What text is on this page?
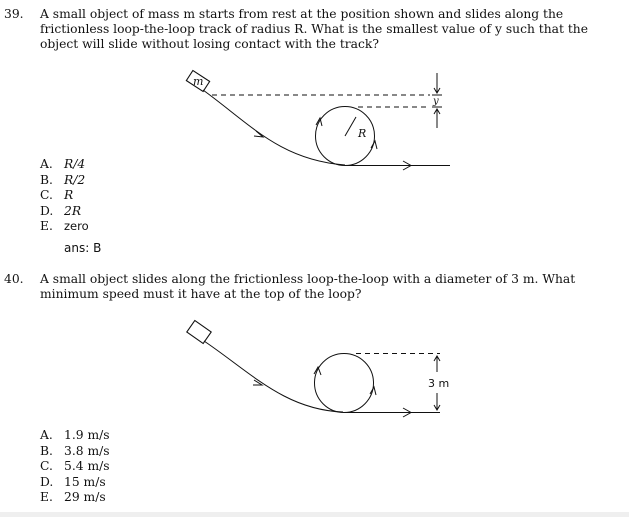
39. A small object of mass m starts from rest at the position shown and slides along the frictionless loop-the-loop track of radius R. What is the smallest value of y such that the object will slide without losing contact with the track?
m
R
y
3 m
A. R/4
B. R/2
C. R
D. 2R
E. zero
ans: B
40. A small object slides along the frictionless loop-the-loop with a diameter of 3 m. What minimum speed must it have at the top of the loop?
A. 1.9 m/s
B. 3.8 m/s
C. 5.4 m/s
D. 15 m/s
E. 29 m/s
